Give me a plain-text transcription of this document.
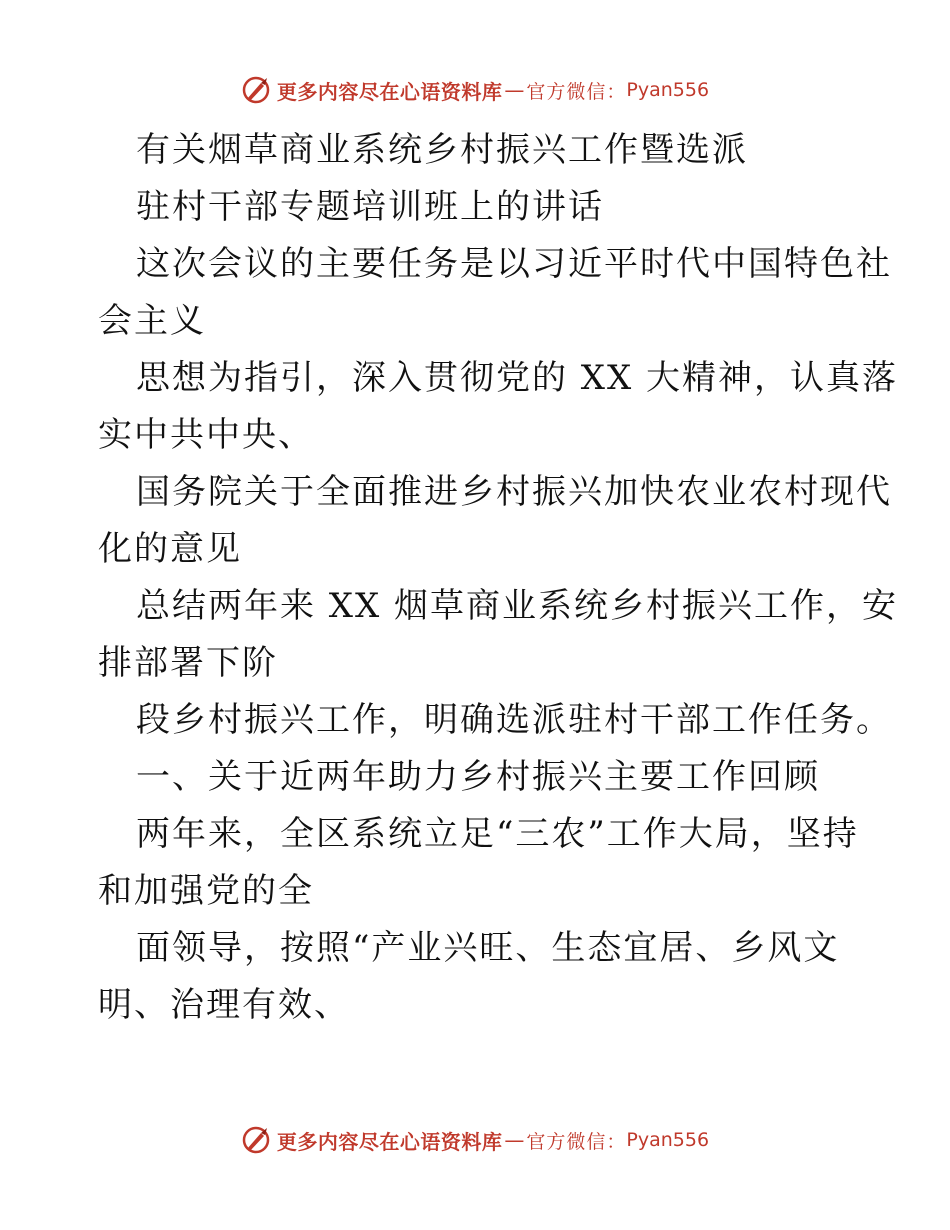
更多内容尽在心语资料库 — 官方微信： Pyan556
有关烟草商业系统乡村振兴工作暨选派
驻村干部专题培训班上的讲话
这次会议的主要任务是以习近平时代中国特色社
会主义
思想为指引，深入贯彻党的 XX 大精神，认真落
实中共中央、
国务院关于全面推进乡村振兴加快农业农村现代
化的意见
总结两年来 XX 烟草商业系统乡村振兴工作，安
排部署下阶
段乡村振兴工作，明确选派驻村干部工作任务。
一、关于近两年助力乡村振兴主要工作回顾
两年来，全区系统立足“三农”工作大局，坚持
和加强党的全
面领导，按照“产业兴旺、生态宜居、乡风文
明、治理有效、
更多内容尽在心语资料库 — 官方微信： Pyan556
